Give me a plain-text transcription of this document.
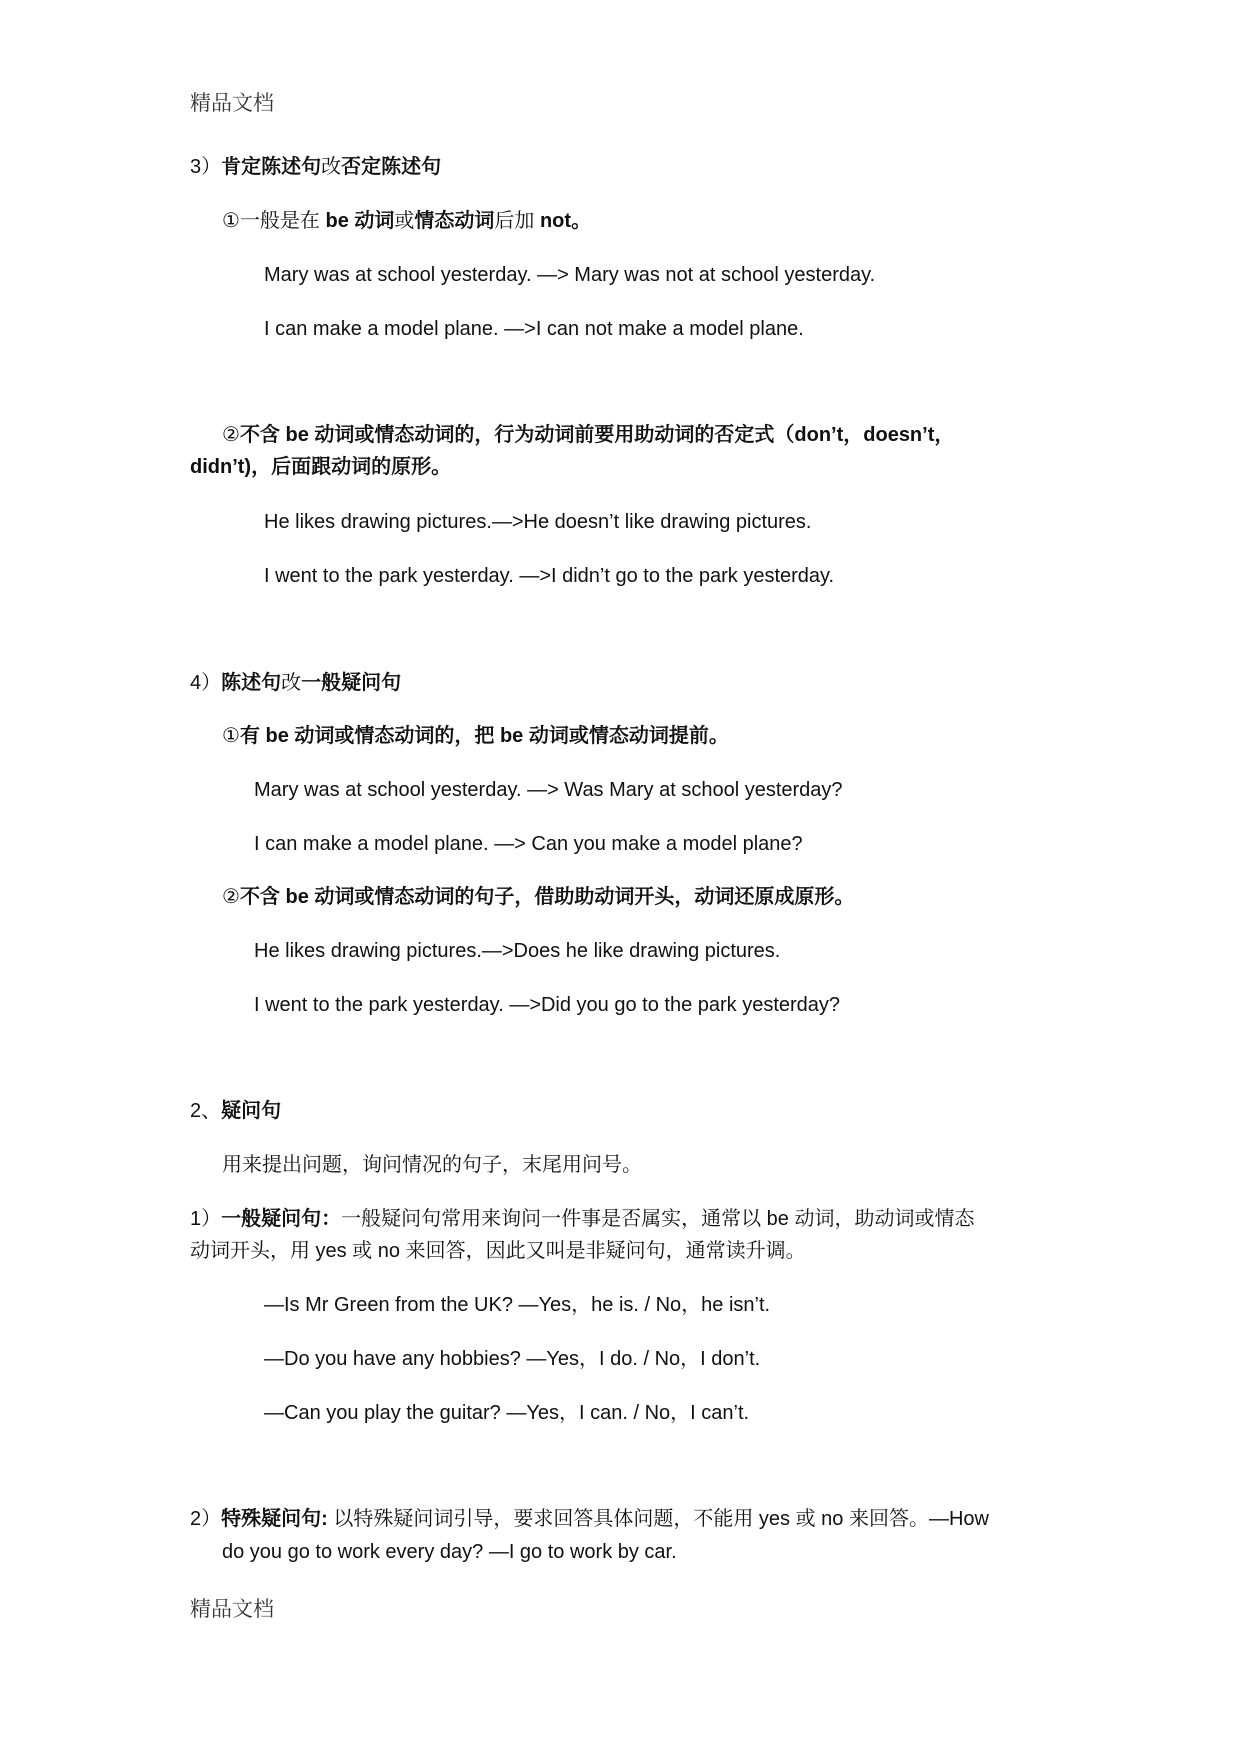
精品文档
3）肯定陈述句改否定陈述句
①一般是在 be 动词或情态动词后加 not。
Mary was at school yesterday. —> Mary was not at school yesterday.
I can make a model plane. —>I can not make a model plane.
②不含 be 动词或情态动词的，行为动词前要用助动词的否定式（don’t，doesn’t，
didn’t)，后面跟动词的原形。
He likes drawing pictures.—>He doesn’t like drawing pictures.
I went to the park yesterday. —>I didn’t go to the park yesterday.
4）陈述句改一般疑问句
①有 be 动词或情态动词的，把 be 动词或情态动词提前。
Mary was at school yesterday. —> Was Mary at school yesterday?
I can make a model plane. —> Can you make a model plane?
②不含 be 动词或情态动词的句子，借助助动词开头，动词还原成原形。
He likes drawing pictures.—>Does he like drawing pictures.
I went to the park yesterday. —>Did you go to the park yesterday?
2、疑问句
用来提出问题，询问情况的句子，末尾用问号。
1）一般疑问句：一般疑问句常用来询问一件事是否属实，通常以 be 动词，助动词或情态
动词开头，用 yes 或 no 来回答，因此又叫是非疑问句，通常读升调。
—Is Mr Green from the UK? —Yes，he is. / No，he isn’t.
—Do you have any hobbies? —Yes，I do. / No，I don’t.
—Can you play the guitar? —Yes，I can. / No，I can’t.
2）特殊疑问句: 以特殊疑问词引导，要求回答具体问题，不能用 yes 或 no 来回答。—How
do you go to work every day? —I go to work by car.
精品文档
